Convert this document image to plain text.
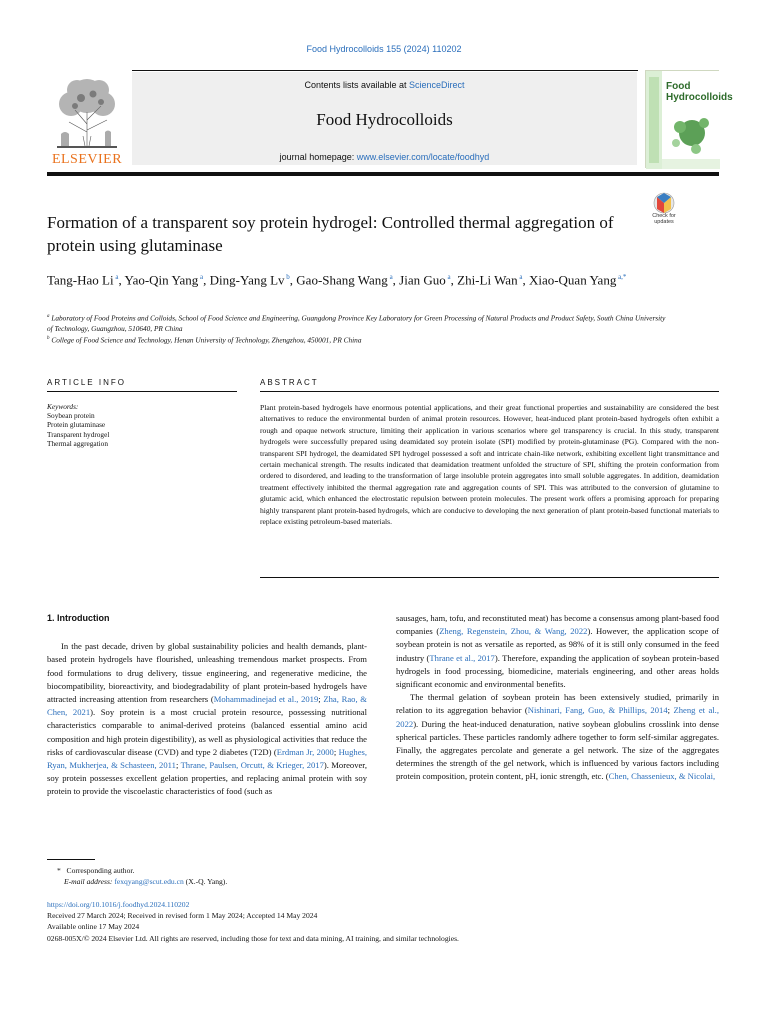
Food Hydrocolloids 155 (2024) 110202
ELSEVIER
Contents lists available at ScienceDirect
Food Hydrocolloids
journal homepage: www.elsevier.com/locate/foodhyd
Food
Hydrocolloids
Formation of a transparent soy protein hydrogel: Controlled thermal aggregation of protein using glutaminase
Check for
updates
Tang-Hao Li $^a$, Yao-Qin Yang $^a$, Ding-Yang Lv $^b$, Gao-Shang Wang $^a$, Jian Guo $^a$, Zhi-Li Wan $^a$, Xiao-Quan Yang $^{a,*}$
$^a$ Laboratory of Food Proteins and Colloids, School of Food Science and Engineering, Guangdong Province Key Laboratory for Green Processing of Natural Products and Product Safety, South China University of Technology, Guangzhou, 510640, PR China
$^b$ College of Food Science and Technology, Henan University of Technology, Zhengzhou, 450001, PR China
ARTICLE INFO	ABSTRACT
Keywords:
Soybean protein
Protein glutaminase
Transparent hydrogel
Thermal aggregation
Plant protein-based hydrogels have enormous potential applications, and their great functional properties and sustainability are considered the best alternatives to reduce the environmental burden of animal protein resources. However, heat-induced plant protein-based hydrogels often exhibit a rough and opaque network structure, limiting their application in various scenarios where gel transparency is crucial. In this study, transparent hydrogels were successfully prepared using deamidated soy protein isolate (SPI) modified by protein-glutaminase (PG). Compared with the non-transparent SPI hydrogel, the deamidated SPI hydrogel possessed a soft and intricate chain-like network, exhibiting excellent light transmittance and certain mechanical strength. The results indicated that deamidation treatment unfolded the structure of SPI, shifting the protein conformation from ordered to disordered, and leading to the transformation of large insoluble protein aggregates into small soluble aggregates. In addition, deamidation treatment effectively inhibited the thermal aggregation rate and aggregation counts of SPI. This was attributed to the conversion of glutamine to glutamic acid, which enhanced the electrostatic repulsion between protein molecules. The present work offers a promising approach for preparing highly transparent plant protein-based hydrogels, which are conducive to developing the next generation of plant protein-based functional materials to replace existing petroleum-based materials.
1. Introduction

In the past decade, driven by global sustainability policies and health demands, plant-based protein hydrogels have flourished, unleashing tremendous market prospects. From food formulations to drug delivery, tissue engineering, and regenerative medicine, the biocompatibility, bioreactivity, and biodegradability of plant protein-based hydrogels have attracted increasing attention from researchers (Mohammadinejad et al., 2019; Zha, Rao, & Chen, 2021). Soy protein is a most crucial protein resource, possessing nutritional characteristics comparable to animal-derived proteins (balanced essential amino acid composition and high protein digestibility), as well as physiological activities that reduce the risks of cardiovascular disease (CVD) and type 2 diabetes (T2D) (Erdman Jr, 2000; Hughes, Ryan, Mukherjea, & Schasteen, 2011; Thrane, Paulsen, Orcutt, & Krieger, 2017). Moreover, soy protein possesses excellent gelation properties, and replacing animal protein with soy protein to provide the viscoelastic characteristics of food (such as

sausages, ham, tofu, and reconstituted meat) has become a consensus among plant-based food companies (Zheng, Regenstein, Zhou, & Wang, 2022). However, the application scope of soybean protein is not as versatile as reported, as 98% of it is still only consumed in the feed industry (Thrane et al., 2017). Therefore, expanding the application of soybean protein-based hydrogels in food processing, biomedicine, materials engineering, and other areas holds significant economic and environmental benefits.

The thermal gelation of soybean protein has been extensively studied, primarily in relation to its aggregation behavior (Nishinari, Fang, Guo, & Phillips, 2014; Zheng et al., 2022). During the heat-induced denaturation, native soybean globulins crosslink into dense spherical particles. These particles randomly adhere together to form self-similar aggregates. Finally, the aggregates percolate and generate a gel network. The size of the aggregates determines the strength of the gel network, which is influenced by various factors including protein composition, protein content, pH, ionic strength, etc. (Chen, Chassenieux, & Nicolai,

* Corresponding author.
E-mail address: fexqyang@scut.edu.cn (X.-Q. Yang).
https://doi.org/10.1016/j.foodhyd.2024.110202
Received 27 March 2024; Received in revised form 1 May 2024; Accepted 14 May 2024
Available online 17 May 2024
0268-005X/© 2024 Elsevier Ltd. All rights are reserved, including those for text and data mining, AI training, and similar technologies.
